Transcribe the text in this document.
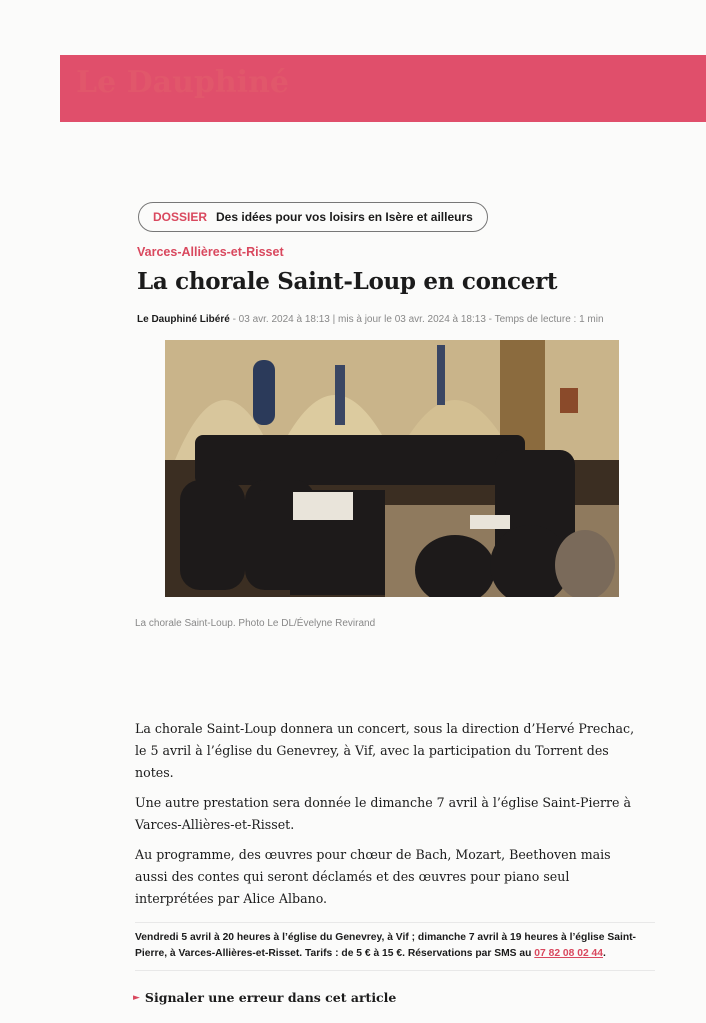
Le Dauphiné
DOSSIER Des idées pour vos loisirs en Isère et ailleurs
Varces-Allières-et-Risset
La chorale Saint-Loup en concert
Le Dauphiné Libéré - 03 avr. 2024 à 18:13 | mis à jour le 03 avr. 2024 à 18:13 - Temps de lecture : 1 min
La chorale Saint-Loup. Photo Le DL/Évelyne Revirand

La chorale Saint-Loup donnera un concert, sous la direction d’Hervé Prechac, le 5 avril à l’église du Genevrey, à Vif, avec la participation du Torrent des notes.

Une autre prestation sera donnée le dimanche 7 avril à l’église Saint-Pierre à Varces-Allières-et-Risset.

Au programme, des œuvres pour chœur de Bach, Mozart, Beethoven mais aussi des contes qui seront déclamés et des œuvres pour piano seul interprétées par Alice Albano.

Vendredi 5 avril à 20 heures à l’église du Genevrey, à Vif ; dimanche 7 avril à 19 heures à l’église Saint-Pierre, à Varces-Allières-et-Risset. Tarifs : de 5 € à 15 €. Réservations par SMS au 07 82 08 02 44.
► Signaler une erreur dans cet article
